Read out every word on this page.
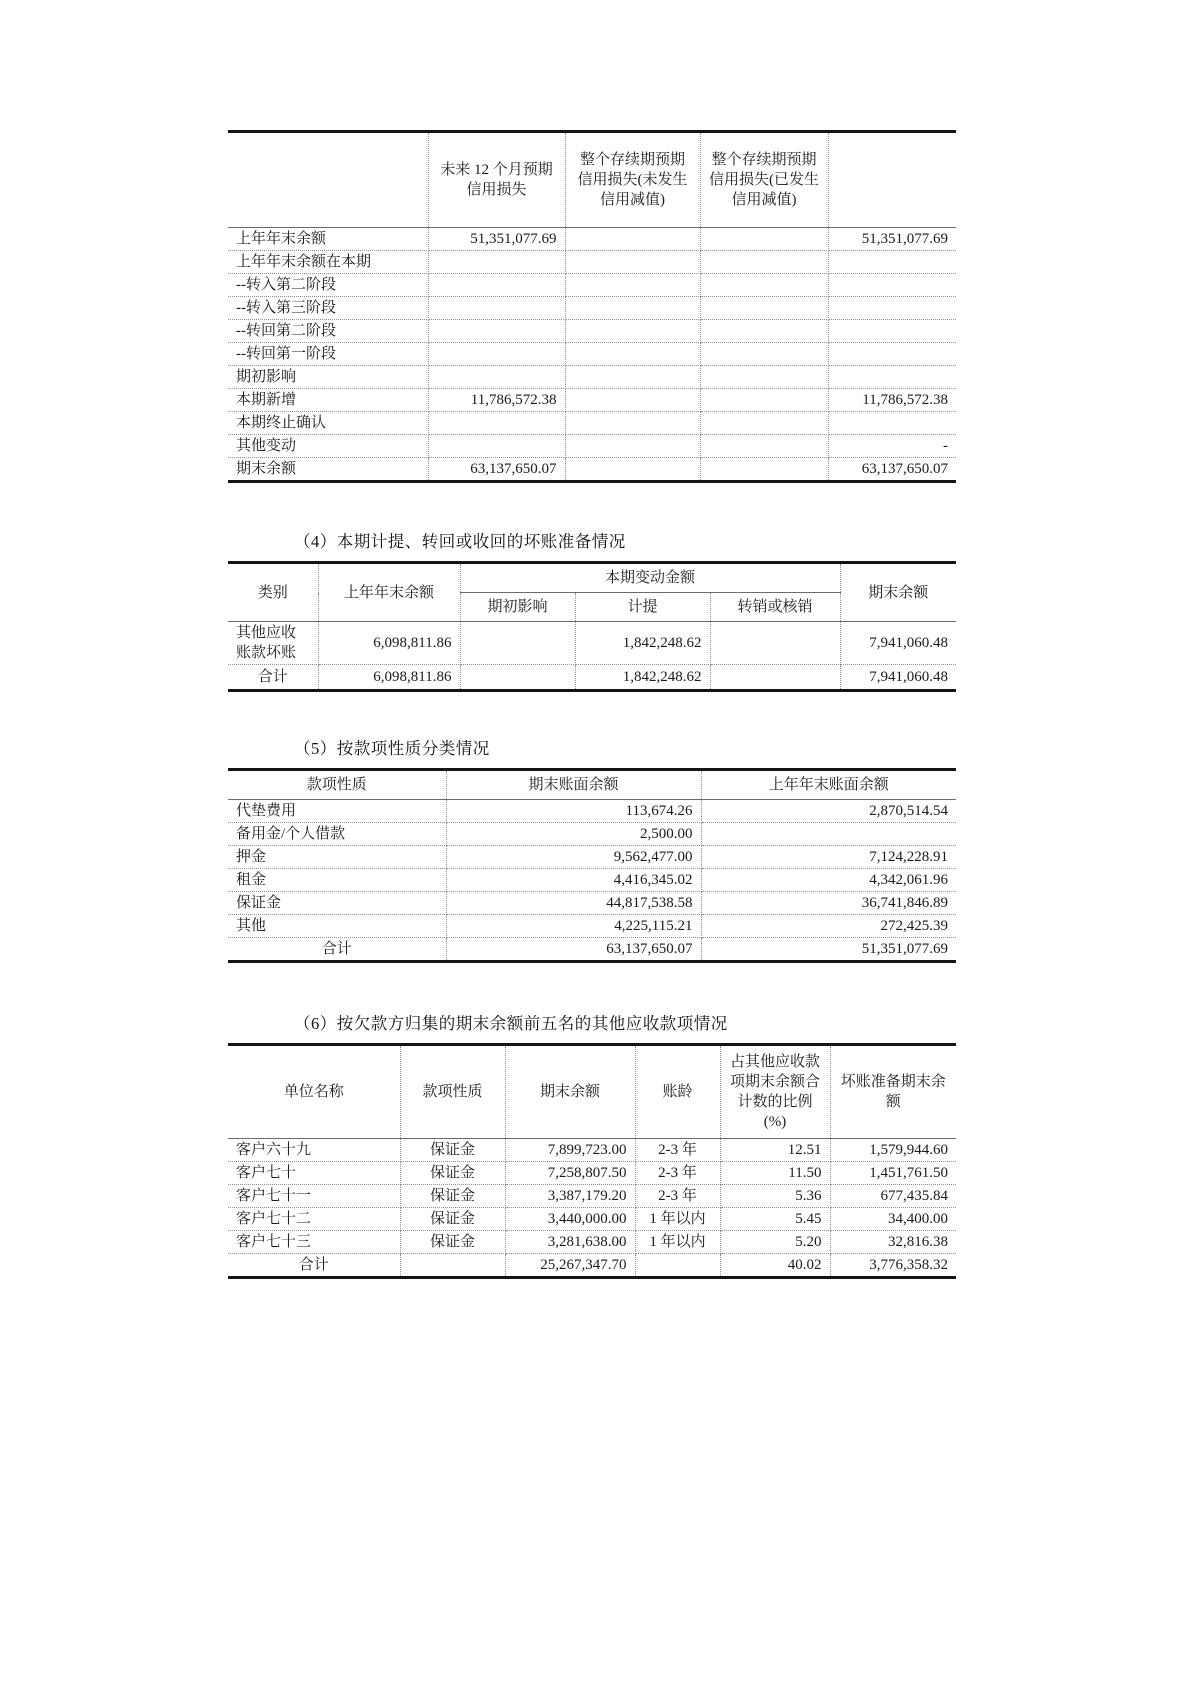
	未来 12 个月预期信用损失	整个存续期预期信用损失(未发生信用减值)	整个存续期预期信用损失(已发生信用减值)	
上年年末余额	51,351,077.69			51,351,077.69
上年年末余额在本期				
--转入第二阶段				
--转入第三阶段				
--转回第二阶段				
--转回第一阶段				
期初影响				
本期新增	11,786,572.38			11,786,572.38
本期终止确认				
其他变动				-
期末余额	63,137,650.07			63,137,650.07
（4）本期计提、转回或收回的坏账准备情况
类别	上年年末余额	本期变动金额			期末余额
		期初影响	计提	转销或核销	
其他应收账款坏账	6,098,811.86		1,842,248.62		7,941,060.48
合计	6,098,811.86		1,842,248.62		7,941,060.48
（5）按款项性质分类情况
款项性质	期末账面余额	上年年末账面余额
代垫费用	113,674.26	2,870,514.54
备用金/个人借款	2,500.00	
押金	9,562,477.00	7,124,228.91
租金	4,416,345.02	4,342,061.96
保证金	44,817,538.58	36,741,846.89
其他	4,225,115.21	272,425.39
合计	63,137,650.07	51,351,077.69
（6）按欠款方归集的期末余额前五名的其他应收款项情况
单位名称	款项性质	期末余额	账龄	占其他应收款项期末余额合计数的比例(%)	坏账准备期末余额
客户六十九	保证金	7,899,723.00	2-3 年	12.51	1,579,944.60
客户七十	保证金	7,258,807.50	2-3 年	11.50	1,451,761.50
客户七十一	保证金	3,387,179.20	2-3 年	5.36	677,435.84
客户七十二	保证金	3,440,000.00	1 年以内	5.45	34,400.00
客户七十三	保证金	3,281,638.00	1 年以内	5.20	32,816.38
合计		25,267,347.70		40.02	3,776,358.32
